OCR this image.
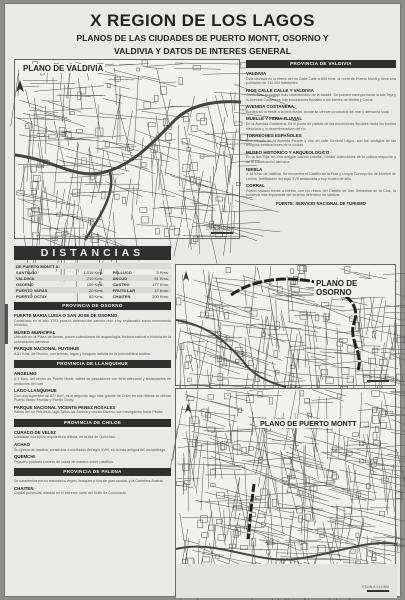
X REGION DE LOS LAGOS
PLANOS DE LAS CIUDADES DE PUERTO MONTT, OSORNO Y
VALDIVIA Y DATOS DE INTERES GENERAL
PLANO DE VALDIVIA
ESCALA 1:10.000
PROVINCIA DE VALDIVIA
VALDIVIA
Está ubicada en la ribera del río Calle Calle a 839 Kms. al norte de Puerto Montt y tiene una población de 110.000 habitantes.
RIOS CALLE CALLE Y VALDIVIA
Conforman el paisaje más característico de la ciudad. Se pueden navegar hasta la Isla Teja y la Avenida Costanera; hay excursiones fluviales a los fuertes de Niebla y Corral.
AVENIDA COSTANERA
Bordea el río frente a la feria fluvial, donde se ofrecen productos del mar y artesanía local.
MUELLE Y FERIA FLUVIAL
En la Avenida Costanera. Es el punto de partida de las excursiones fluviales hacia los fuertes históricos y la desembocadura del río.
TORREONES ESPAÑOLES
Uno situado en la Avenida Picarte y otro en calle General Lagos, son los vestigios de las antiguas fortificaciones de la ciudad.
MUSEO HISTORICO Y ARQUEOLOGICO
En la Isla Teja, en una antigua casona colonial. Exhibe colecciones de la cultura mapuche y de la colonización alemana.
NIEBLA
A 18 Kms. de Valdivia. Se encuentra el Castillo de la Pura y Limpia Concepción de Monfort de Lemus, fortificación del siglo XVII restaurada y hoy museo de sitio.
CORRAL
Puerto situado frente a Niebla, con los restos del Castillo de San Sebastián de la Cruz, la fortaleza más importante del sistema defensivo de Valdivia.
FUENTE: SERVICIO NACIONAL DE TURISMO
DISTANCIAS
DE PUERTO MONTT A:				
SANTIAGO	1.016 Kms.		PELLUCO	5 Kms.
VALDIVIA	210 Kms.		ANCUD	91 Kms.
OSORNO	109 Kms.		CASTRO	177 Kms.
PUERTO VARAS	20 Kms.		FRUTILLAR	47 Kms.
PUERTO OCTAY	80 Kms.		CHAITEN	200 Kms.
PLANO DE OSORNO
ESCALA 1:12.500
PLANO DE PUERTO MONTT
ESCALA 1:12.500
PROVINCIA DE OSORNO
FUERTE MARIA LUISA O SAN JOSE DE OSORNO
Construido en el año 1793 para la defensa del camino real. Hoy restaurado como monumento histórico.
MUSEO MUNICIPAL
Ubicado en la Plaza de Armas, posee colecciones de arqueología, historia natural e historia de la colonización alemana.
PARQUE NACIONAL PUYEHUE
A 81 Kms. de Osorno, con termas, lagos y bosques nativos en la precordillera andina.
PROVINCIA DE LLANQUIHUE
ANGELMO
A 3 Kms. del centro de Puerto Montt, caleta de pescadores con feria artesanal y restaurantes de productos del mar.
LAGO LLANQUIHUE
Con una superficie de 877 Km², es el segundo lago más grande de Chile; en sus riberas se ubican Puerto Varas, Frutillar y Puerto Octay.
PARQUE NACIONAL VICENTE PEREZ ROSALES
Saltos del río Petrohué, lago Todos los Santos y volcán Osorno, con navegación hacia Peulla.
PROVINCIA DE CHILOE
CURACO DE VELEZ
Localidad con típica arquitectura chilota, en la isla de Quinchao.
ACHAO
Su iglesia de madera, construida a mediados del siglo XVIII, es la más antigua del archipiélago.
QUEMCHI
Pequeño poblado costero de casas de madera sobre palafitos.
PROVINCIA DE PALENA
Se caracteriza por su naturaleza virgen, bosques y ríos de gran caudal, y la Carretera Austral.
CHAITEN
Capital provincial, situada en el extremo norte del Golfo de Corcovado.
